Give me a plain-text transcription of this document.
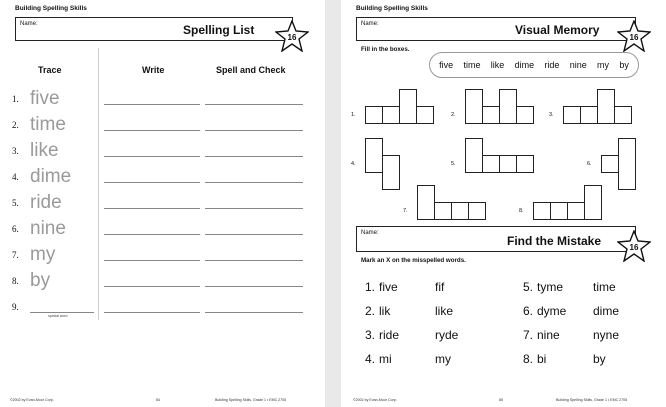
Building Spelling Skills
Name:	Spelling List	16
Trace	Write	Spell and Check
1. five
2. time
3. like
4. dime
5. ride
6. nine
7. my
8. by
9.
special word
©2002 by Evan-Moor Corp.	84	Building Spelling Skills, Grade 1 • EMC 2705
Building Spelling Skills
Name:	Visual Memory	16
Fill in the boxes.
five time like dime ride nine my by
1.	2.	3.
4.	5.	6.
7.	8.
Name:
Find the Mistake	16
Mark an X on the misspelled words.
1. five	fif
2. lik	like
3. ride	ryde
4. mi	my
5. tyme time
6. dyme dime
7. nine	nyne
8. bi	by
©2002 by Evan-Moor Corp.	85	Building Spelling Skills, Grade 1 • EMC 2705
